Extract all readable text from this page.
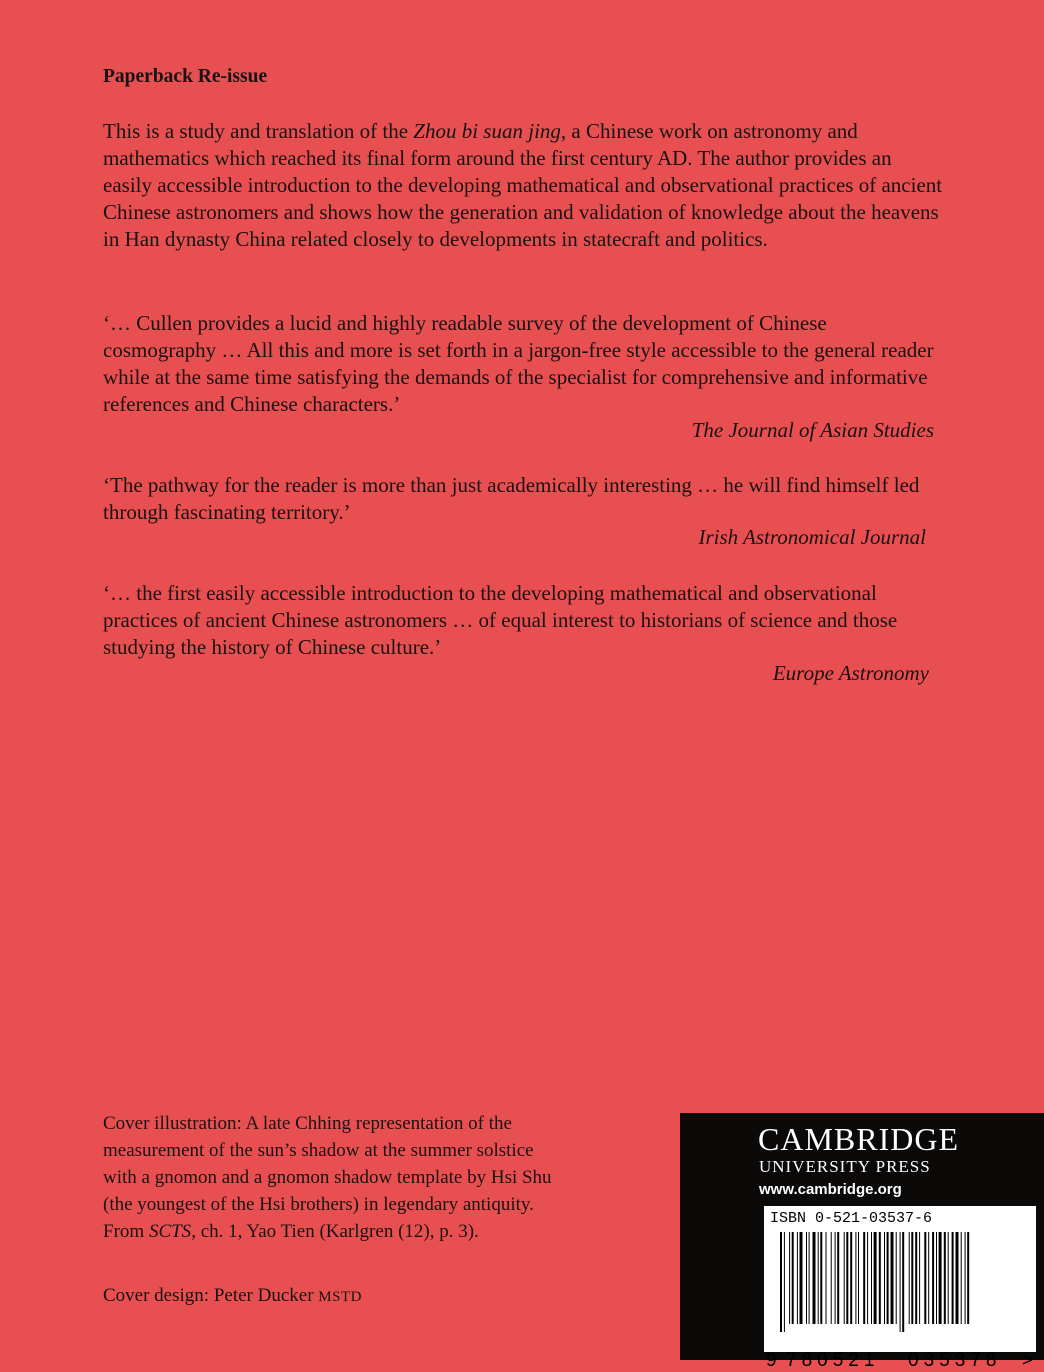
Paperback Re-issue

This is a study and translation of the Zhou bi suan jing, a Chinese work on astronomy and mathematics which reached its final form around the first century AD. The author provides an easily accessible introduction to the developing mathematical and observational practices of ancient Chinese astronomers and shows how the generation and validation of knowledge about the heavens in Han dynasty China related closely to developments in statecraft and politics.

‘… Cullen provides a lucid and highly readable survey of the development of Chinese cosmography … All this and more is set forth in a jargon-free style accessible to the general reader while at the same time satisfying the demands of the specialist for comprehensive and informative references and Chinese characters.’

The Journal of Asian Studies

‘The pathway for the reader is more than just academically interesting … he will find himself led through fascinating territory.’

Irish Astronomical Journal

‘… the first easily accessible introduction to the developing mathematical and observational practices of ancient Chinese astronomers … of equal interest to historians of science and those studying the history of Chinese culture.’

Europe Astronomy

Cover illustration: A late Chhing representation of the measurement of the sun’s shadow at the summer solstice with a gnomon and a gnomon shadow template by Hsi Shu (the youngest of the Hsi brothers) in legendary antiquity. From SCTS, ch. 1, Yao Tien (Karlgren (12), p. 3).

Cover design: Peter Ducker MSTD

CAMBRIDGE

UNIVERSITY PRESS

www.cambridge.org

ISBN 0-521-03537-6

9 780521 035378 >
